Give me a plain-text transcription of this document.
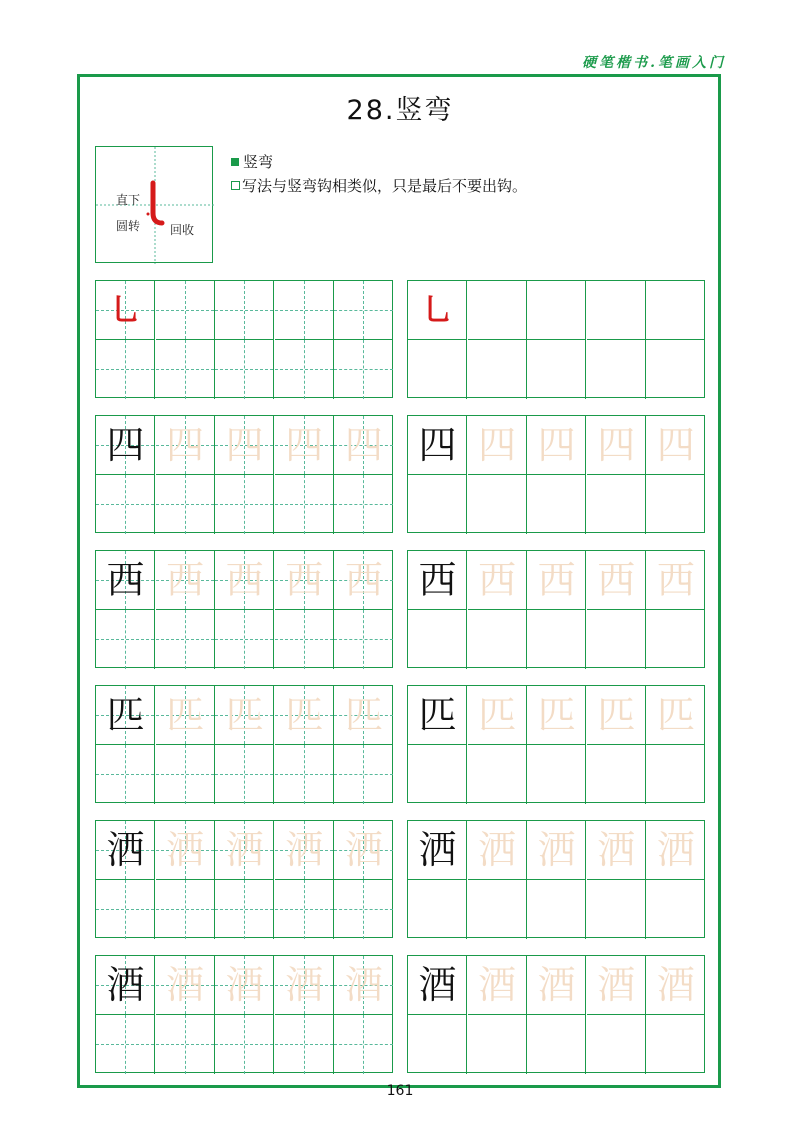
硬笔楷书.笔画入门
28.竖弯
直下
圆转 回收
竖弯
写法与竖弯钩相类似，只是最后不要出钩。
乚	乚
四 四 四 四 四 四 四 四 四 四
西 西 西 西 西 西 西 西 西 西
匹 匹 匹 匹 匹 匹 匹 匹 匹 匹
洒 洒 洒 洒 洒 洒 洒 洒 洒 洒
酒 酒 酒 酒 酒 酒 酒 酒 酒 酒
161
